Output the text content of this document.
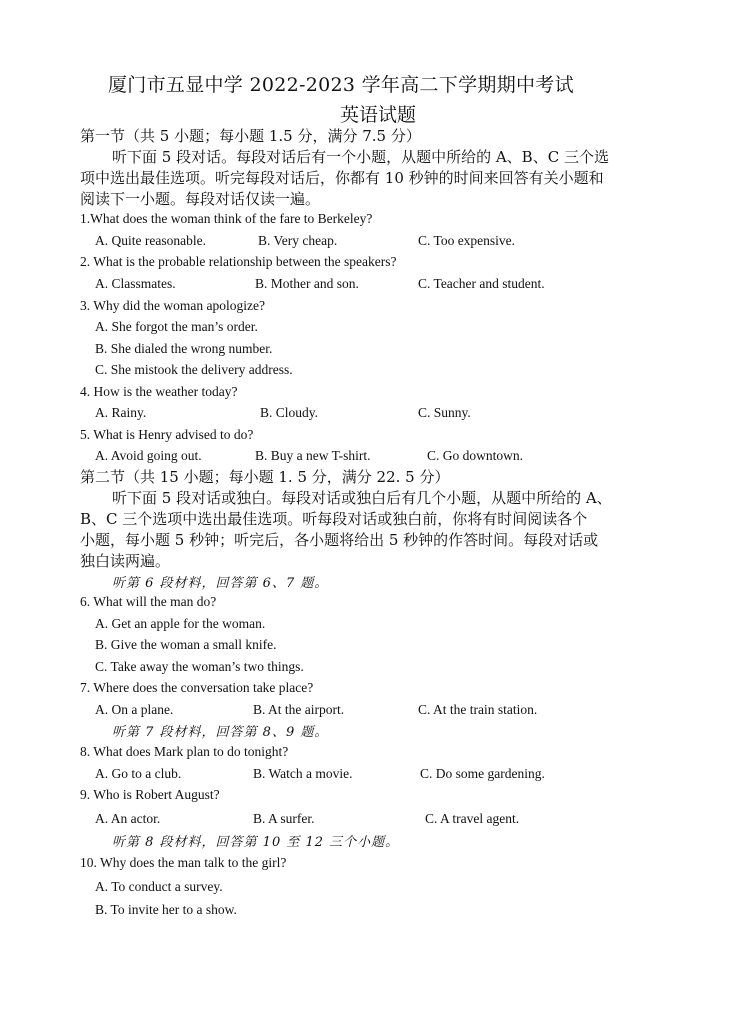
厦门市五显中学 2022-2023 学年高二下学期期中考试
英语试题
第一节（共 5 小题；每小题 1.5 分，满分 7.5 分）
听下面 5 段对话。每段对话后有一个小题，从题中所给的 A、B、C 三个选
项中选出最佳选项。听完每段对话后，你都有 10 秒钟的时间来回答有关小题和
阅读下一小题。每段对话仅读一遍。
1.What does the woman think of the fare to Berkeley?
A. Quite reasonable.	B. Very cheap.	C. Too expensive.
2. What is the probable relationship between the speakers?
A. Classmates.	B. Mother and son.	C. Teacher and student.
3. Why did the woman apologize?
A. She forgot the man’s order.
B. She dialed the wrong number.
C. She mistook the delivery address.
4. How is the weather today?
A. Rainy.	B. Cloudy.	C. Sunny.
5. What is Henry advised to do?
A. Avoid going out.	B. Buy a new T-shirt.	C. Go downtown.
第二节（共 15 小题；每小题 1. 5 分，满分 22. 5 分）
听下面 5 段对话或独白。每段对话或独白后有几个小题，从题中所给的 A、
B、C 三个选项中选出最佳选项。听每段对话或独白前，你将有时间阅读各个
小题，每小题 5 秒钟；听完后，各小题将给出 5 秒钟的作答时间。每段对话或
独白读两遍。
听第 6 段材料，回答第 6、7 题。
6. What will the man do?
A. Get an apple for the woman.
B. Give the woman a small knife.
C. Take away the woman’s two things.
7. Where does the conversation take place?
A. On a plane.	B. At the airport.	C. At the train station.
听第 7 段材料，回答第 8、9 题。
8. What does Mark plan to do tonight?
A. Go to a club.	B. Watch a movie.	C. Do some gardening.
9. Who is Robert August?
A. An actor.	B. A surfer.	C. A travel agent.
听第 8 段材料，回答第 10 至 12 三个小题。
10. Why does the man talk to the girl?
A. To conduct a survey.
B. To invite her to a show.
